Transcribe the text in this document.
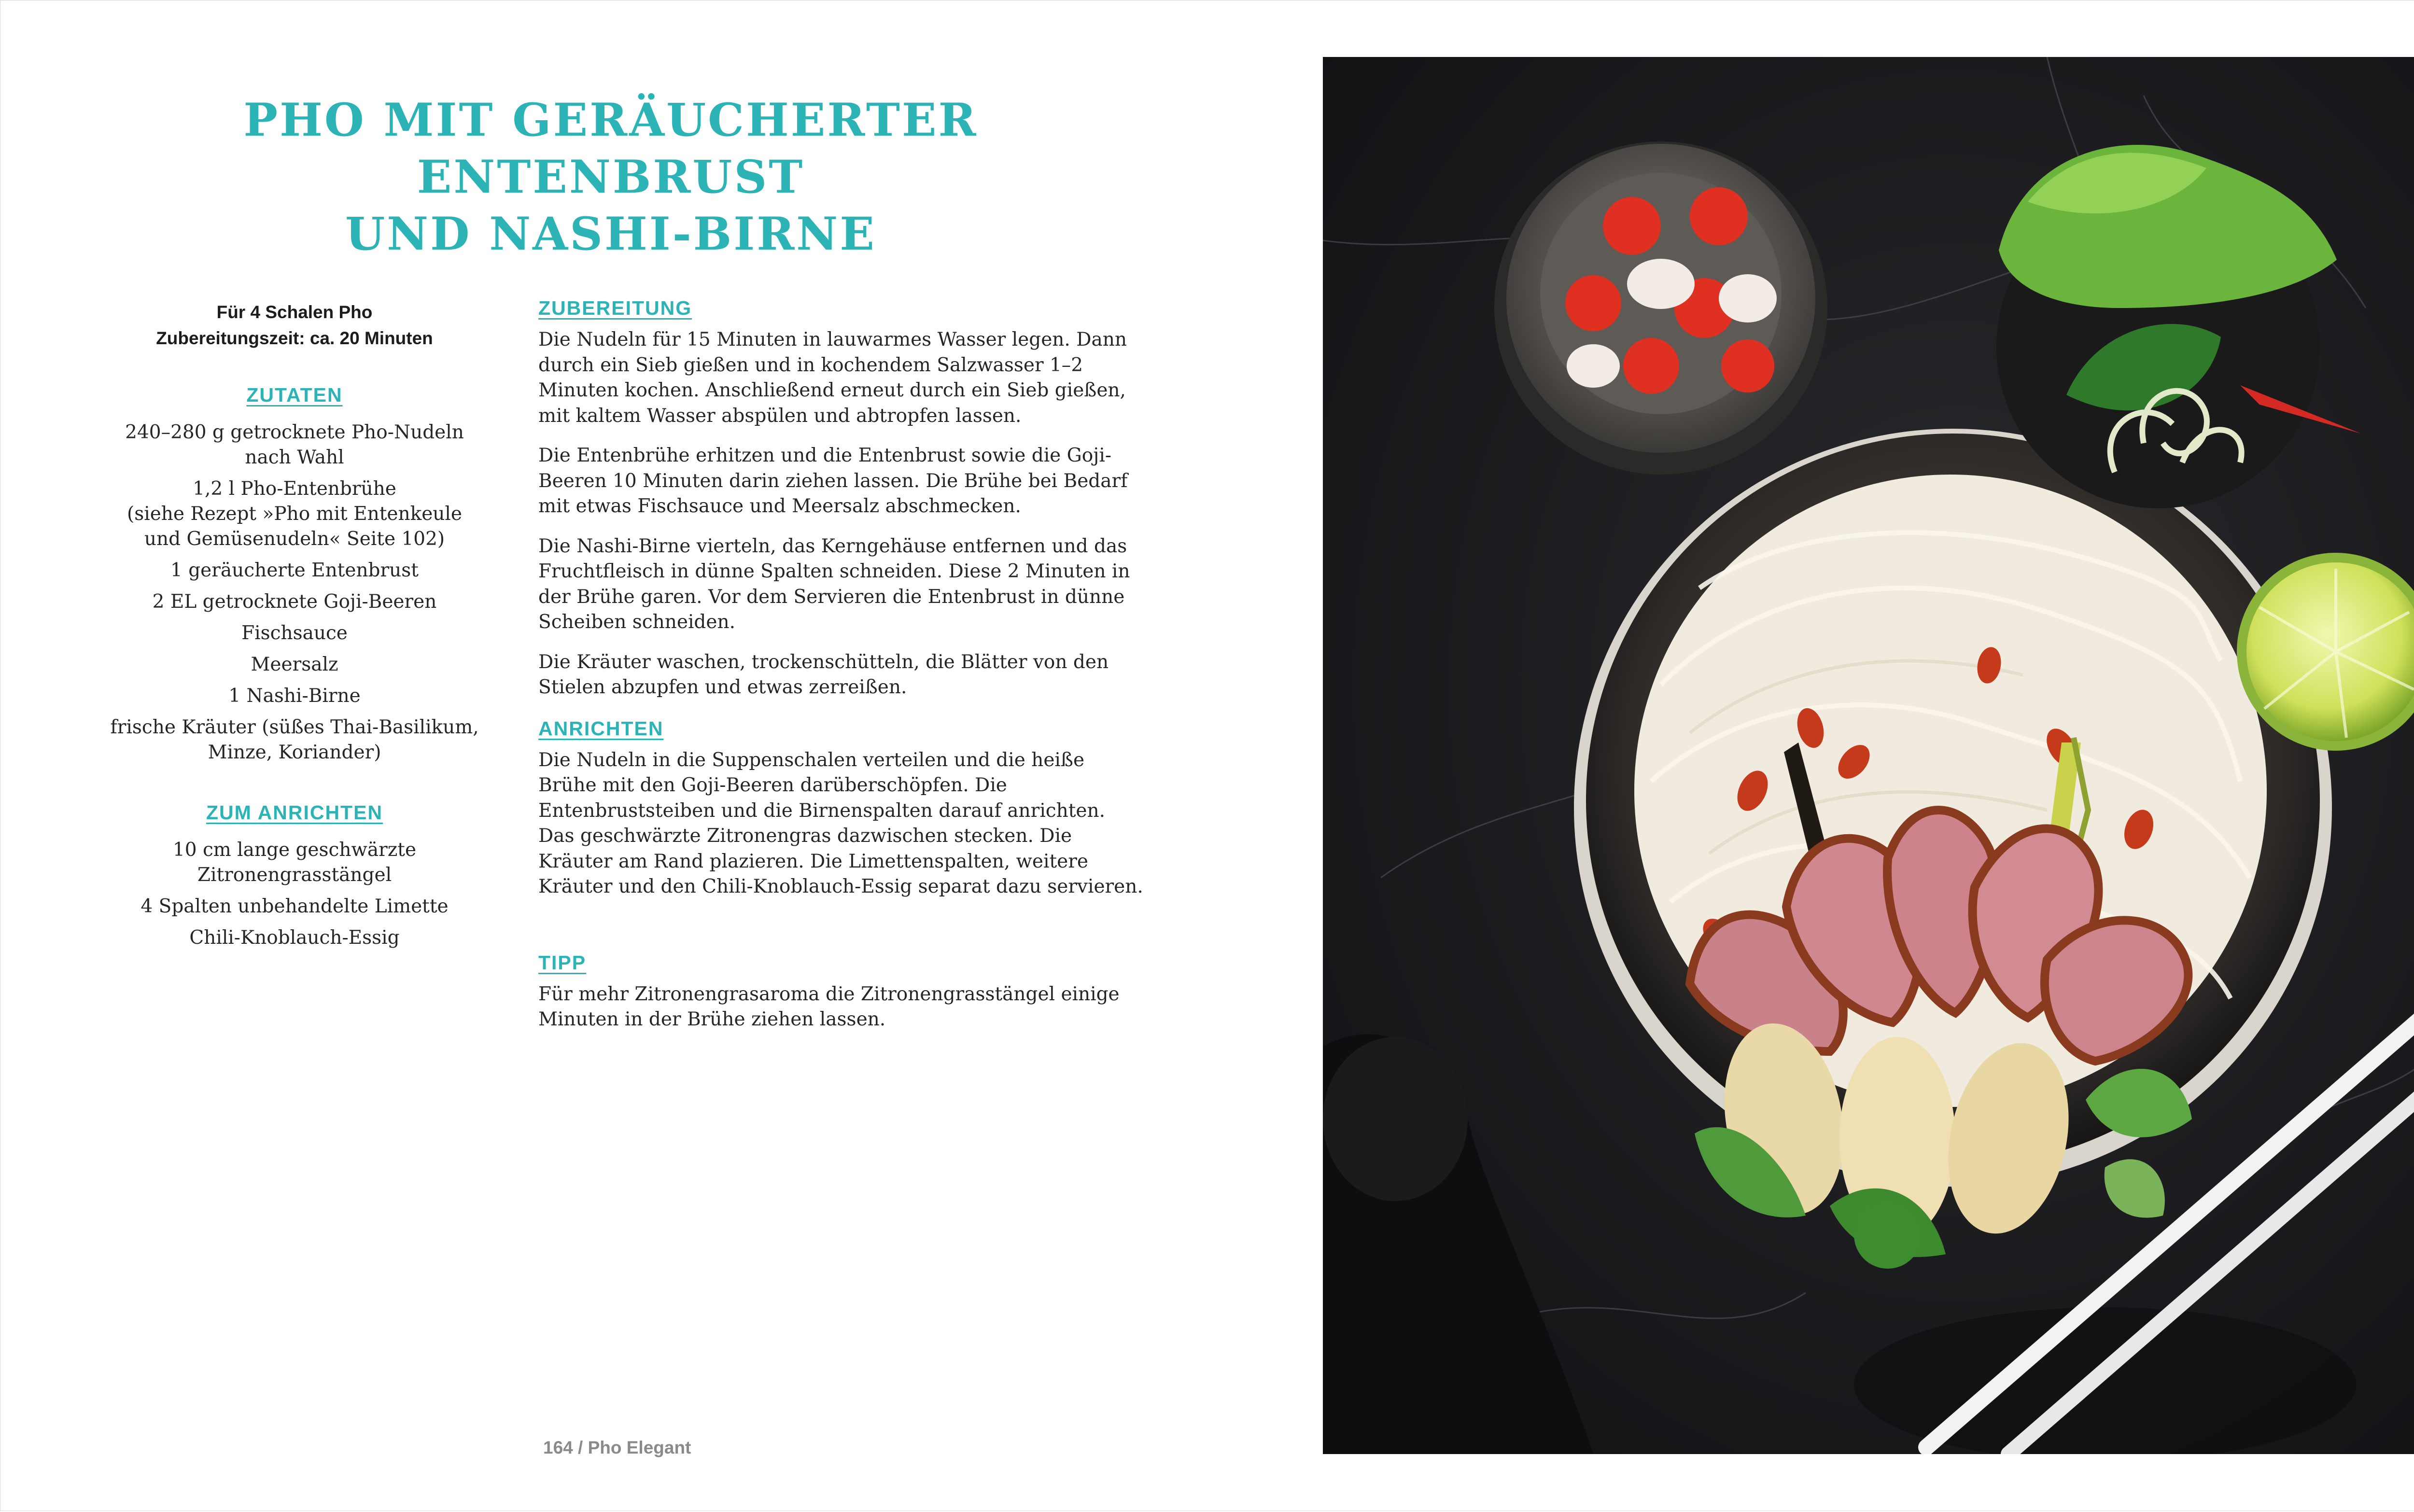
PHO MIT GERÄUCHERTER ENTENBRUST
UND NASHI-BIRNE
Für 4 Schalen Pho
Zubereitungszeit: ca. 20 Minuten
ZUTATEN
240–280 g getrocknete Pho-Nudeln
nach Wahl
1,2 l Pho-Entenbrühe
(siehe Rezept »Pho mit Entenkeule
und Gemüsenudeln« Seite 102)
1 geräucherte Entenbrust
2 EL getrocknete Goji-Beeren
Fischsauce
Meersalz
1 Nashi-Birne
frische Kräuter (süßes Thai-Basilikum,
Minze, Koriander)
ZUM ANRICHTEN
10 cm lange geschwärzte
Zitronengrasstängel
4 Spalten unbehandelte Limette
Chili-Knoblauch-Essig
ZUBEREITUNG

Die Nudeln für 15 Minuten in lauwarmes Wasser legen. Dann durch ein Sieb gießen und in kochendem Salzwasser 1–2 Minuten kochen. Anschließend erneut durch ein Sieb gießen, mit kaltem Wasser abspülen und abtropfen lassen.

Die Entenbrühe erhitzen und die Entenbrust sowie die Goji-Beeren 10 Minuten darin ziehen lassen. Die Brühe bei Bedarf mit etwas Fischsauce und Meersalz abschmecken.

Die Nashi-Birne vierteln, das Kerngehäuse entfernen und das Fruchtfleisch in dünne Spalten schneiden. Diese 2 Minuten in der Brühe garen. Vor dem Servieren die Entenbrust in dünne Scheiben schneiden.

Die Kräuter waschen, trockenschütteln, die Blätter von den Stielen abzupfen und etwas zerreißen.

ANRICHTEN

Die Nudeln in die Suppenschalen verteilen und die heiße Brühe mit den Goji-Beeren darüberschöpfen. Die Entenbruststeiben und die Birnenspalten darauf anrichten. Das geschwärzte Zitronengras dazwischen stecken. Die Kräuter am Rand plazieren. Die Limettenspalten, weitere Kräuter und den Chili-Knoblauch-Essig separat dazu servieren.

TIPP

Für mehr Zitronengrasaroma die Zitronengrasstängel einige Minuten in der Brühe ziehen lassen.

164 / Pho Elegant
